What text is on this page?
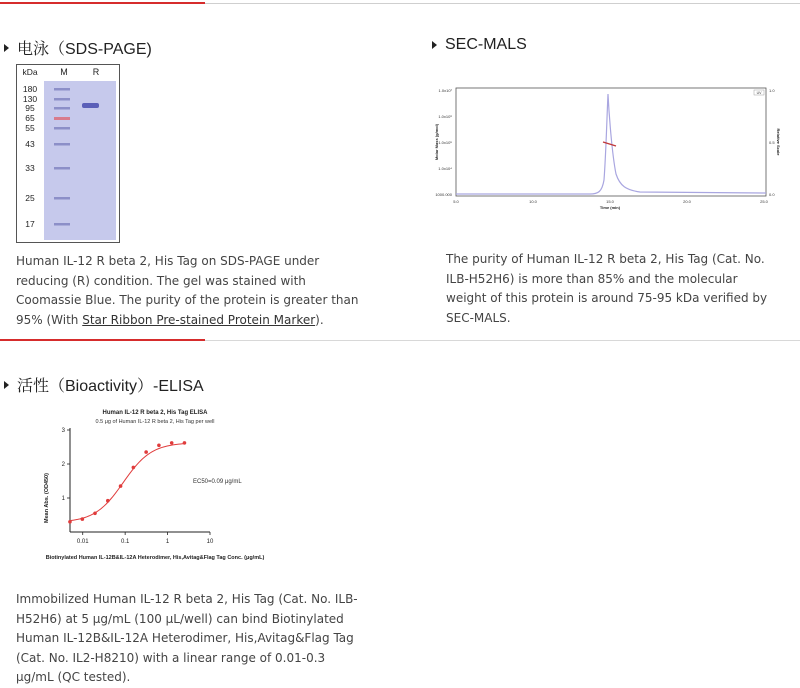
电泳（SDS-PAGE)
kDa	M	R
180
130
95
65
55
43
33
25
17
Human IL-12 R beta 2, His Tag on SDS-PAGE under reducing (R) condition. The gel was stained with Coomassie Blue. The purity of the protein is greater than 95% (With Star Ribbon Pre-stained Protein Marker).
SEC-MALS
1.0x10⁷
1.0x10⁶
1.0x10⁵
1.0x10⁴
1000.000
1.0
0.5
0.0
5.0	10.0	15.0	20.0	25.0
Time (min)
Molar Mass (g/mol)	Relative Scale
UV
The purity of Human IL-12 R beta 2, His Tag (Cat. No. ILB-H52H6) is more than 85% and the molecular weight of this protein is around 75-95 kDa verified by SEC-MALS.
活性（Bioactivity）-ELISA
Human IL-12 R beta 2, His Tag ELISA
0.5 μg of Human IL-12 R beta 2, His Tag per well
Mean Abs. (OD450)
Biotinylated Human IL-12B&IL-12A Heterodimer, His,Avitag&Flag Tag Conc. (μg/mL)
EC50=0.09 μg/mL
0.01	0.1	1	10
1
2
3
Immobilized Human IL-12 R beta 2, His Tag (Cat. No. ILB-H52H6) at 5 μg/mL (100 μL/well) can bind Biotinylated Human IL-12B&IL-12A Heterodimer, His,Avitag&Flag Tag (Cat. No. IL2-H8210) with a linear range of 0.01-0.3 μg/mL (QC tested).
